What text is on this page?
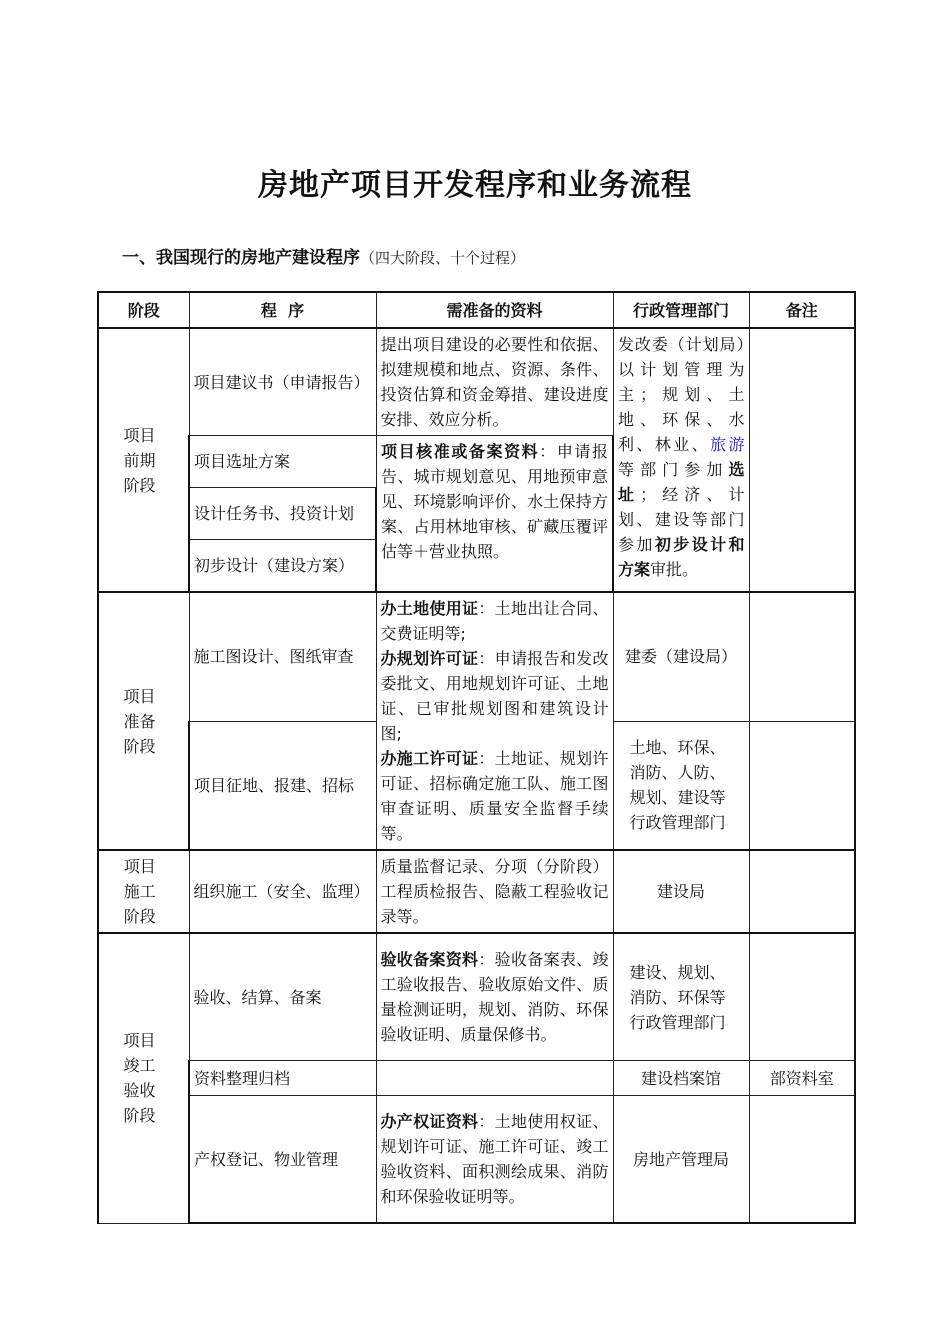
房地产项目开发程序和业务流程
一、我国现行的房地产建设程序（四大阶段、十个过程）
阶段	程  序	需准备的资料	行政管理部门	备注
项目前期阶段	项目建议书（申请报告）	提出项目建设的必要性和依据、拟建规模和地点、资源、条件、投资估算和资金筹措、建设进度安排、效应分析。	发改委（计划局）以计划管理为主；规划、土地、环保、水利、林业、旅游等部门参加选址；经济、计划、建设等部门参加初步设计和方案审批。	
	项目选址方案	项目核准或备案资料：申请报告、城市规划意见、用地预审意见、环境影响评价、水土保持方案、占用林地审核、矿藏压覆评估等＋营业执照。		
	设计任务书、投资计划			
	初步设计（建设方案）			
项目准备阶段	施工图设计、图纸审查	办土地使用证：土地出让合同、交费证明等;
办规划许可证：申请报告和发改委批文、用地规划许可证、土地证、已审批规划图和建筑设计图;
办施工许可证：土地证、规划许可证、招标确定施工队、施工图审查证明、质量安全监督手续等。	建委（建设局）	
	项目征地、报建、招标		土地、环保、消防、人防、规划、建设等行政管理部门	
项目施工阶段	组织施工（安全、监理）	质量监督记录、分项（分阶段）工程质检报告、隐蔽工程验收记录等。	建设局	
项目竣工验收阶段	验收、结算、备案	验收备案资料：验收备案表、竣工验收报告、验收原始文件、质量检测证明，规划、消防、环保验收证明、质量保修书。	建设、规划、消防、环保等行政管理部门	
	资料整理归档		建设档案馆	部资料室
	产权登记、物业管理	办产权证资料：土地使用权证、规划许可证、施工许可证、竣工验收资料、面积测绘成果、消防和环保验收证明等。	房地产管理局	
